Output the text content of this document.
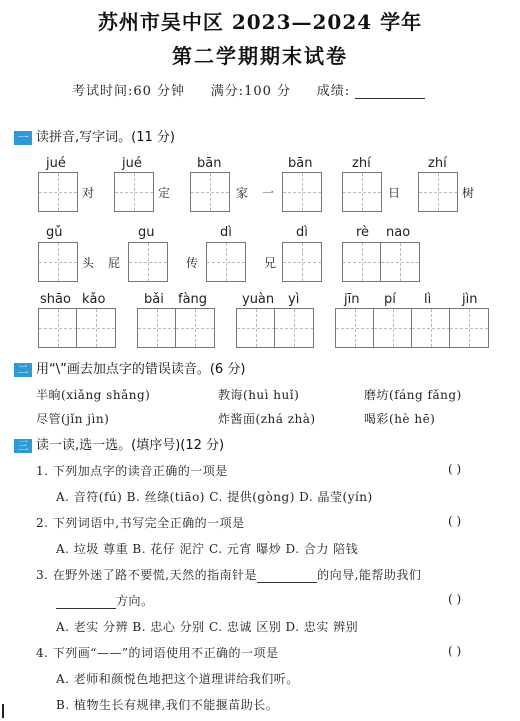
苏州市吴中区 2023—2024 学年
第二学期期末试卷
考试时间:60 分钟 满分:100 分 成绩:
一 读拼音,写字词。(11 分)
jué	jué	bān	bān	zhí	zhí
对	定	家 一	日	树
gǔ	gu	dì	dì	rè nao
头 屁	传	兄
shāo kǎo	bǎi fàng	yuàn yì	jīn pí lì jìn
二 用“\”画去加点字的错误读音。(6 分)
半晌(xiǎng shǎng)	教诲(huì huǐ)	磨坊(fáng fǎng)
尽管(jǐn jìn)	炸酱面(zhá zhà)	喝彩(hè hē)
三 读一读,选一选。(填序号)(12 分)
1. 下列加点字的读音正确的一项是	( )
A. 音符(fú) B. 丝绦(tiāo) C. 提供(gòng) D. 晶莹(yín)
2. 下列词语中,书写完全正确的一项是	( )
A. 垃圾 尊重 B. 花仔 泥泞 C. 元宵 曝炒 D. 合力 陪钱
3. 在野外迷了路不要慌,天然的指南针是	的向导,能帮助我们
方向。	( )
A. 老实 分辨 B. 忠心 分别 C. 忠诚 区别 D. 忠实 辨别
4. 下列画“——”的词语使用不正确的一项是	( )
A. 老师和颜悦色地把这个道理讲给我们听。
B. 植物生长有规律,我们不能揠苗助长。
